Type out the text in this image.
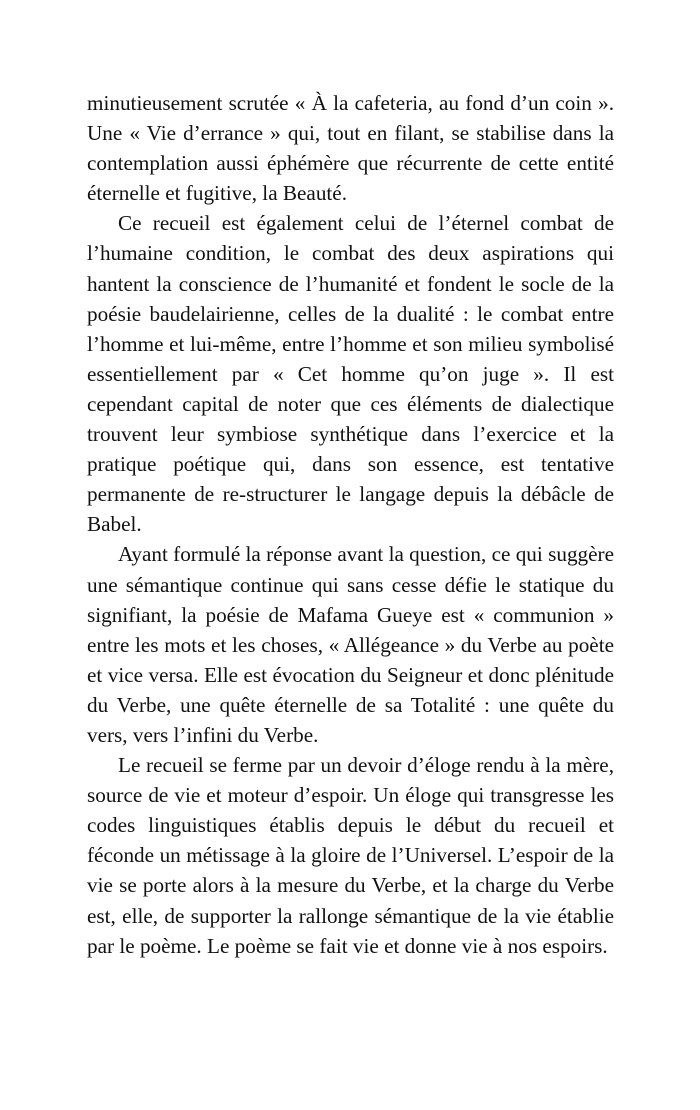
minutieusement scrutée « À la cafeteria, au fond d’un coin ». Une « Vie d’errance » qui, tout en filant, se stabilise dans la contemplation aussi éphémère que récurrente de cette entité éternelle et fugitive, la Beauté.

Ce recueil est également celui de l’éternel combat de l’humaine condition, le combat des deux aspirations qui hantent la conscience de l’humanité et fondent le socle de la poésie baudelairienne, celles de la dualité : le combat entre l’homme et lui-même, entre l’homme et son milieu symbolisé essentiellement par « Cet homme qu’on juge ». Il est cependant capital de noter que ces éléments de dialectique trouvent leur symbiose synthétique dans l’exercice et la pratique poétique qui, dans son essence, est tentative permanente de re-structurer le langage depuis la débâcle de Babel.

Ayant formulé la réponse avant la question, ce qui suggère une sémantique continue qui sans cesse défie le statique du signifiant, la poésie de Mafama Gueye est « communion » entre les mots et les choses, « Allégeance » du Verbe au poète et vice versa. Elle est évocation du Seigneur et donc plénitude du Verbe, une quête éternelle de sa Totalité : une quête du vers, vers l’infini du Verbe.

Le recueil se ferme par un devoir d’éloge rendu à la mère, source de vie et moteur d’espoir. Un éloge qui transgresse les codes linguistiques établis depuis le début du recueil et féconde un métissage à la gloire de l’Universel. L’espoir de la vie se porte alors à la mesure du Verbe, et la charge du Verbe est, elle, de supporter la rallonge sémantique de la vie établie par le poème. Le poème se fait vie et donne vie à nos espoirs.
